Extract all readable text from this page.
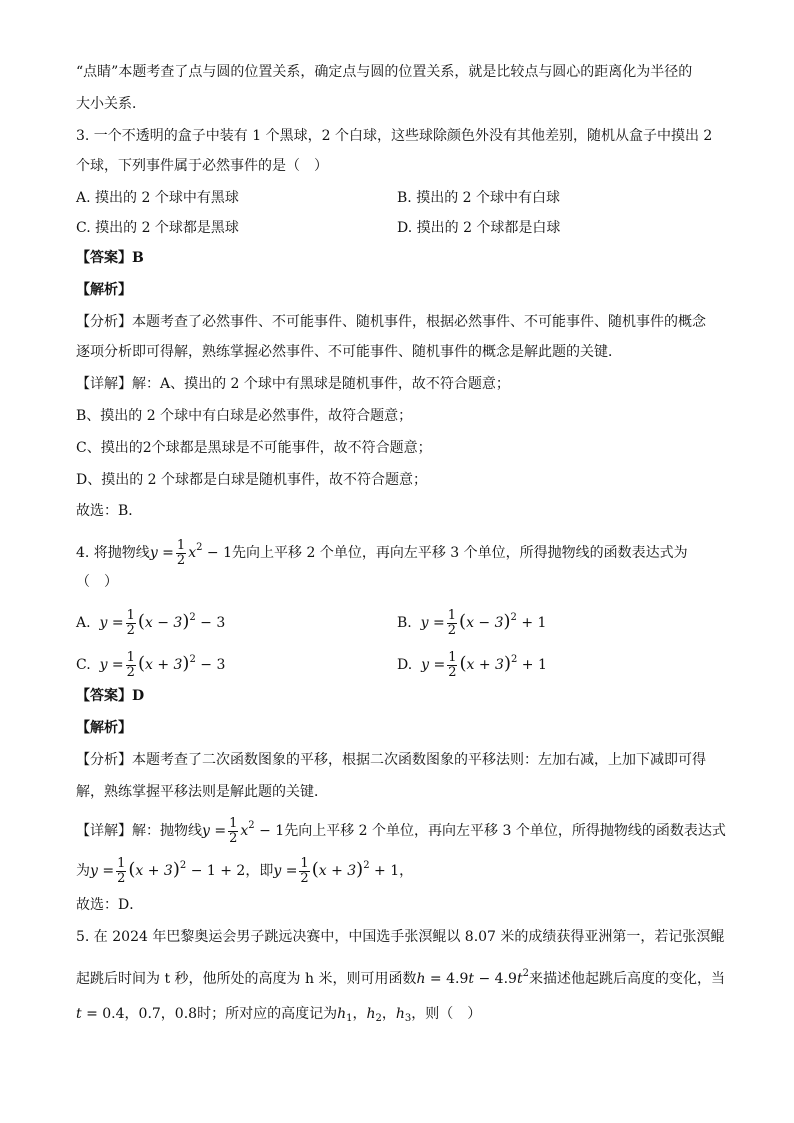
“点睛”本题考查了点与圆的位置关系，确定点与圆的位置关系，就是比较点与圆心的距离化为半径的
大小关系．
3. 一个不透明的盒子中装有 1 个黑球，2 个白球，这些球除颜色外没有其他差别，随机从盒子中摸出 2
个球，下列事件属于必然事件的是（　）
A. 摸出的 2 个球中有黑球	B. 摸出的 2 个球中有白球
C. 摸出的 2 个球都是黑球	D. 摸出的 2 个球都是白球
【答案】B
【解析】
【分析】本题考查了必然事件、不可能事件、随机事件，根据必然事件、不可能事件、随机事件的概念
逐项分析即可得解，熟练掌握必然事件、不可能事件、随机事件的概念是解此题的关键．
【详解】解：A、摸出的 2 个球中有黑球是随机事件，故不符合题意；
B、摸出的 2 个球中有白球是必然事件，故符合题意；
C、摸出的2个球都是黑球是不可能事件，故不符合题意；
D、摸出的 2 个球都是白球是随机事件，故不符合题意；
故选：B．
4. 将抛物线$y = \frac{1}{2} x^2 - 1$先向上平移 2 个单位，再向左平移 3 个单位，所得抛物线的函数表达式为
（　）
A.  $y = \frac{1}{2} (x - 3)^2 - 3$	B.  $y = \frac{1}{2} (x - 3)^2 + 1$
C.  $y = \frac{1}{2} (x + 3)^2 - 3$	D.  $y = \frac{1}{2} (x + 3)^2 + 1$
【答案】D
【解析】
【分析】本题考查了二次函数图象的平移，根据二次函数图象的平移法则：左加右减，上加下减即可得
解，熟练掌握平移法则是解此题的关键．
【详解】解：抛物线$y = \frac{1}{2} x^2 - 1$先向上平移 2 个单位，再向左平移 3 个单位，所得抛物线的函数表达式
为$y = \frac{1}{2} (x + 3)^2 - 1 + 2$，即$y = \frac{1}{2} (x + 3)^2 + 1$，
故选：D．
5. 在 2024 年巴黎奥运会男子跳远决赛中，中国选手张溟鲲以 8.07 米的成绩获得亚洲第一，若记张溟鲲
起跳后时间为 t 秒，他所处的高度为 h 米，则可用函数$h = 4.9t - 4.9t^2$来描述他起跳后高度的变化，当
t = 0.4，0.7，0.8时；所对应的高度记为$h_1$，$h_2$，$h_3$，则（　）
